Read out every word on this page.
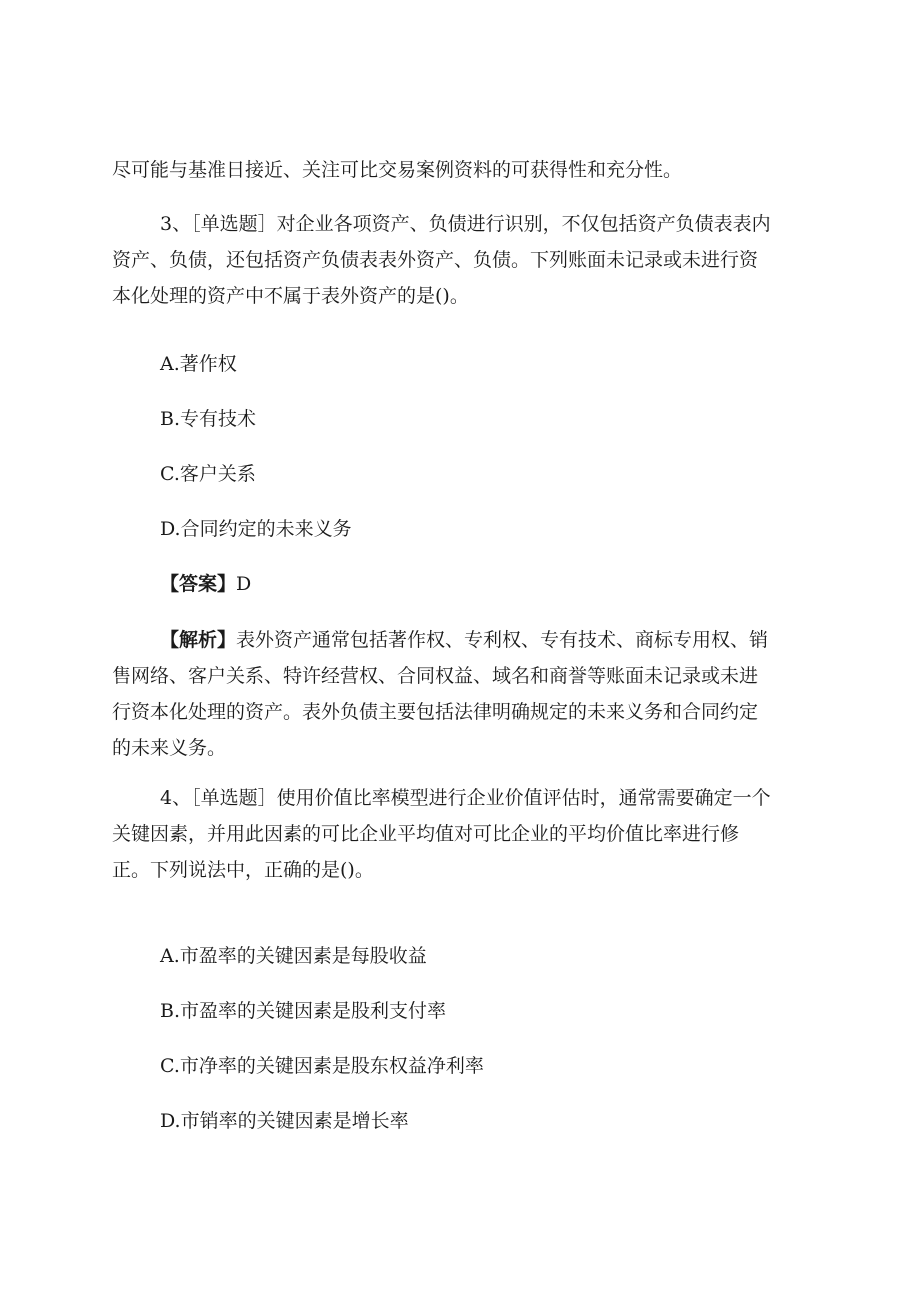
尽可能与基准日接近、关注可比交易案例资料的可获得性和充分性。
3、［单选题］对企业各项资产、负债进行识别，不仅包括资产负债表表内资产、负债，还包括资产负债表表外资产、负债。下列账面未记录或未进行资本化处理的资产中不属于表外资产的是()。
A.著作权
B.专有技术
C.客户关系
D.合同约定的未来义务
【答案】D
【解析】表外资产通常包括著作权、专利权、专有技术、商标专用权、销售网络、客户关系、特许经营权、合同权益、域名和商誉等账面未记录或未进行资本化处理的资产。表外负债主要包括法律明确规定的未来义务和合同约定的未来义务。
4、［单选题］使用价值比率模型进行企业价值评估时，通常需要确定一个关键因素，并用此因素的可比企业平均值对可比企业的平均价值比率进行修正。下列说法中，正确的是()。
A.市盈率的关键因素是每股收益
B.市盈率的关键因素是股利支付率
C.市净率的关键因素是股东权益净利率
D.市销率的关键因素是增长率
